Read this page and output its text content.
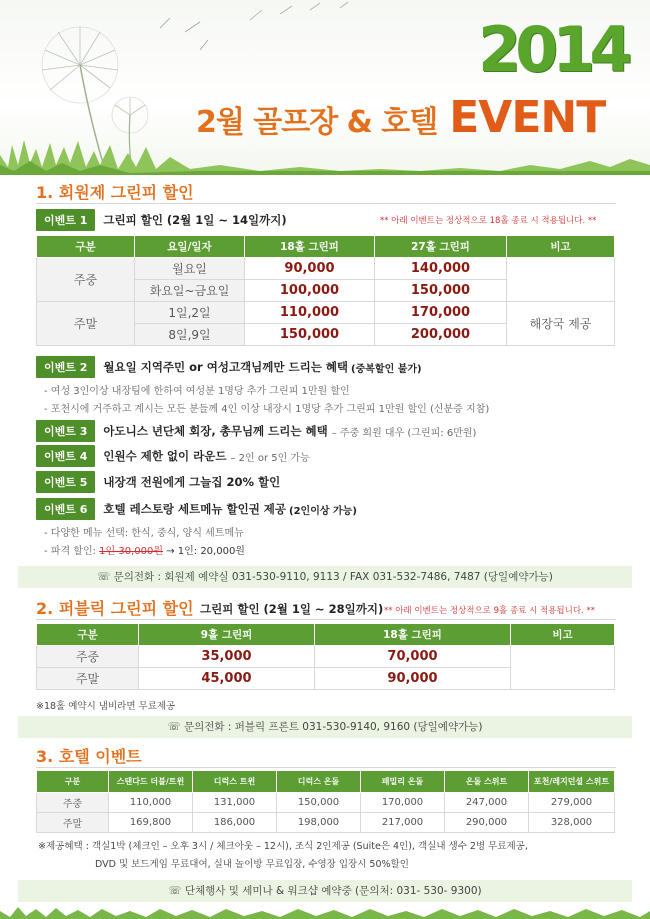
2014
2월 골프장 & 호텔 EVENT
1. 회원제 그린피 할인
이벤트 1	그린피 할인 (2월 1일 ~ 14일까지)	** 아래 이벤트는 정상적으로 18홀 종료 시 적용됩니다. **
구분	요일/일자	18홀 그린피	27홀 그린피	비고
주중	월요일	90,000	140,000	
	화요일~금요일	100,000	150,000	
주말	1일,2일	110,000	170,000	해장국 제공
	8일,9일	150,000	200,000	
이벤트 2	월요일 지역주민 or 여성고객님께만 드리는 혜택 (중복할인 불가)
- 여성 3인이상 내장팀에 한하여 여성분 1명당 추가 그린피 1만원 할인
- 포천시에 거주하고 계시는 모든 분들께 4인 이상 내장시 1명당 추가 그린피 1만원 할인 (신분증 지참)
이벤트 3	아도니스 년단체 회장, 총무님께 드리는 혜택 – 주중 회원 대우 (그린피: 6만원)
이벤트 4	인원수 제한 없이 라운드 – 2인 or 5인 가능
이벤트 5	내장객 전원에게 그늘집 20% 할인
이벤트 6	호텔 레스토랑 세트메뉴 할인권 제공 (2인이상 가능)
- 다양한 메뉴 선택: 한식, 중식, 양식 세트메뉴
- 파격 할인: 1인 30,000원 → 1인: 20,000원
☏ 문의전화 : 회원제 예약실 031-530-9110, 9113 / FAX 031-532-7486, 7487 (당일예약가능)
2. 퍼블릭 그린피 할인 그린피 할인 (2월 1일 ~ 28일까지) ** 아래 이벤트는 정상적으로 9홀 종료 시 적용됩니다. **
구분	9홀 그린피	18홀 그린피	비고
주중	35,000	70,000	
주말	45,000	90,000	
※18홀 예약시 냄비라면 무료제공
☏ 문의전화 : 퍼블릭 프론트 031-530-9140, 9160 (당일예약가능)
3. 호텔 이벤트
구분	스탠다드 더블/트윈	디럭스 트윈	디럭스 온돌	패밀리 온돌	온돌 스위트	포천/레지던셜 스위트
주중	110,000	131,000	150,000	170,000	247,000	279,000
주말	169,800	186,000	198,000	217,000	290,000	328,000
※제공혜택 : 객실1박 (체크인 – 오후 3시 / 체크아웃 – 12시), 조식 2인제공 (Suite은 4인), 객실내 생수 2병 무료제공,
DVD 및 보드게임 무료대여, 실내 놀이방 무료입장, 수영장 입장시 50%할인
☏ 단체행사 및 세미나 & 워크샵 예약중 (문의처: 031- 530- 9300)
